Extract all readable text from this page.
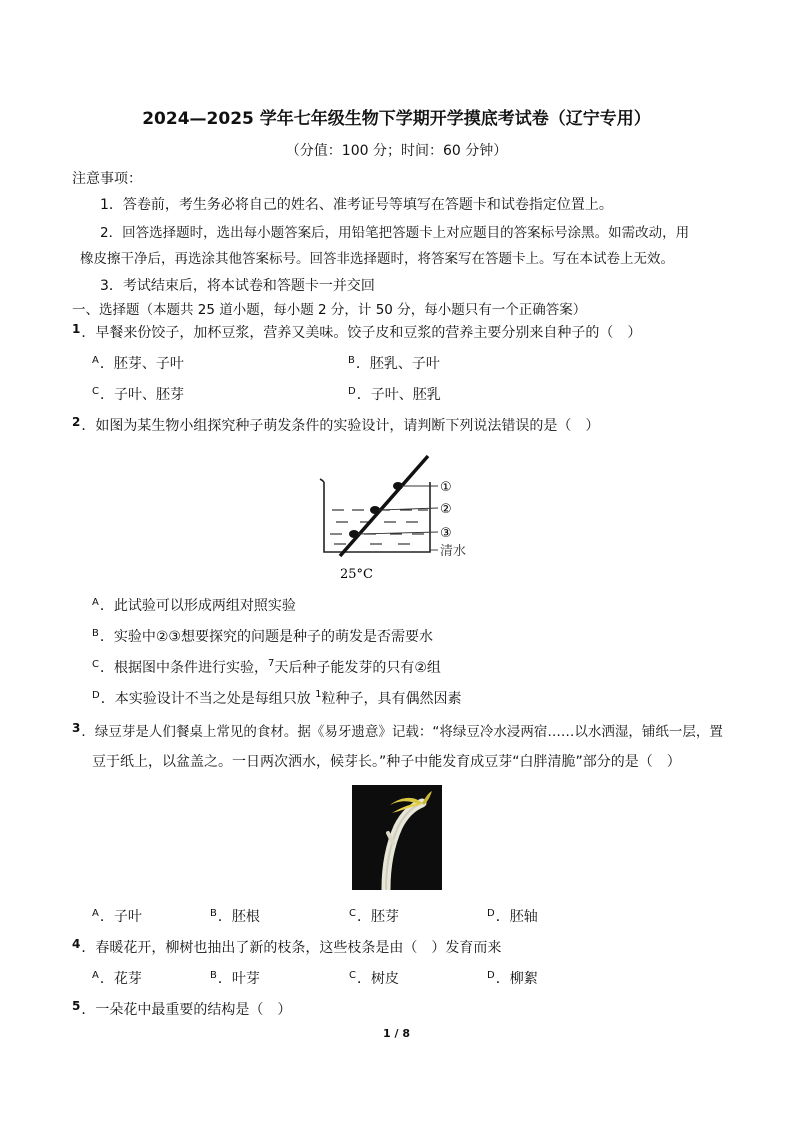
2024—2025 学年七年级生物下学期开学摸底考试卷（辽宁专用）
（分值：100 分；时间：60 分钟）
注意事项：
1．答卷前，考生务必将自己的姓名、准考证号等填写在答题卡和试卷指定位置上。
2．回答选择题时，选出每小题答案后，用铅笔把答题卡上对应题目的答案标号涂黑。如需改动，用
橡皮擦干净后，再选涂其他答案标号。回答非选择题时，将答案写在答题卡上。写在本试卷上无效。
3．考试结束后，将本试卷和答题卡一并交回
一、选择题（本题共 25 道小题，每小题 2 分，计 50 分，每小题只有一个正确答案）
1．早餐来份饺子，加杯豆浆，营养又美味。饺子皮和豆浆的营养主要分别来自种子的（　）
$^A$．胚芽、子叶	$^B$．胚乳、子叶
$^C$．子叶、胚芽	$^D$．子叶、胚乳
2．如图为某生物小组探究种子萌发条件的实验设计，请判断下列说法错误的是（　）
①
②
③
清水
25°C
$^A$．此试验可以形成两组对照实验
$^B$．实验中②③想要探究的问题是种子的萌发是否需要水
$^C$．根据图中条件进行实验，$^7$天后种子能发芽的只有②组
$^D$．本实验设计不当之处是每组只放 $^1$粒种子，具有偶然因素
3．绿豆芽是人们餐桌上常见的食材。据《易牙遗意》记载：“将绿豆冷水浸两宿……以水洒湿，铺纸一层，置
豆于纸上，以盆盖之。一日两次洒水，候芽长。”种子中能发育成豆芽“白胖清脆”部分的是（　）
$^A$．子叶	$^B$．胚根	$^C$．胚芽	$^D$．胚轴
4．春暖花开，柳树也抽出了新的枝条，这些枝条是由（　）发育而来
$^A$．花芽	$^B$．叶芽	$^C$．树皮	$^D$．柳絮
5．一朵花中最重要的结构是（　）
1 / 8
